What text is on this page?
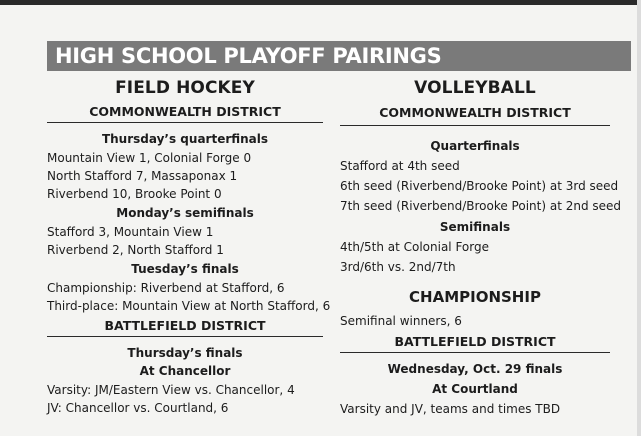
HIGH SCHOOL PLAYOFF PAIRINGS
FIELD HOCKEY
COMMONWEALTH DISTRICT
Thursday’s quarterfinals
Mountain View 1, Colonial Forge 0
North Stafford 7, Massaponax 1
Riverbend 10, Brooke Point 0
Monday’s semifinals
Stafford 3, Mountain View 1
Riverbend 2, North Stafford 1
Tuesday’s finals
Championship: Riverbend at Stafford, 6
Third-place: Mountain View at North Stafford, 6
BATTLEFIELD DISTRICT
Thursday’s finals
At Chancellor
Varsity: JM/Eastern View vs. Chancellor, 4
JV: Chancellor vs. Courtland, 6
VOLLEYBALL
COMMONWEALTH DISTRICT
Quarterfinals
Stafford at 4th seed
6th seed (Riverbend/Brooke Point) at 3rd seed
7th seed (Riverbend/Brooke Point) at 2nd seed
Semifinals
4th/5th at Colonial Forge
3rd/6th vs. 2nd/7th
CHAMPIONSHIP
Semifinal winners, 6
BATTLEFIELD DISTRICT
Wednesday, Oct. 29 finals
At Courtland
Varsity and JV, teams and times TBD
